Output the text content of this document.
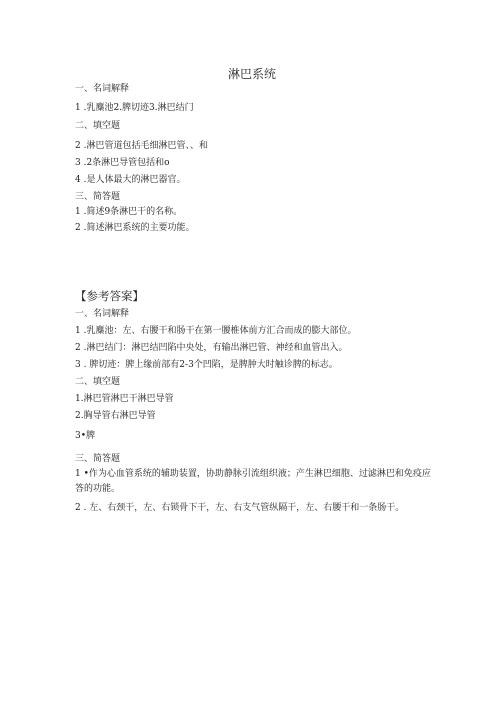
淋巴系统
一、名词解释
1 .乳麋池2.脾切迹3.淋巴结门
二、填空题
2 .淋巴管道包括毛细淋巴管、、和
3 .2条淋巴导管包括和o
4 .是人体最大的淋巴器官。
三、简答题
1 .简述9条淋巴干的名称。
2 .简述淋巴系统的主要功能。
【参考答案】
一、名词解释
1 .乳麋池：左、右腰干和肠干在第一腰椎体前方汇合而成的膨大部位。
2 .淋巴结门：淋巴结凹陷中央处，有输出淋巴管、神经和血管出入。
3 . 脾切迹：脾上缘前部有2-3个凹陷，是脾肿大时触诊脾的标志。
二、填空题
1.淋巴管淋巴干淋巴导管
2.胸导管右淋巴导管
3•脾
三、简答题
1 •作为心血管系统的辅助装置，协助静脉引流组织液；产生淋巴细胞、过滤淋巴和免疫应答的功能。
2 . 左、右颈干，左、右锁骨下干，左、右支气管纵隔干，左、右腰干和一条肠干。
